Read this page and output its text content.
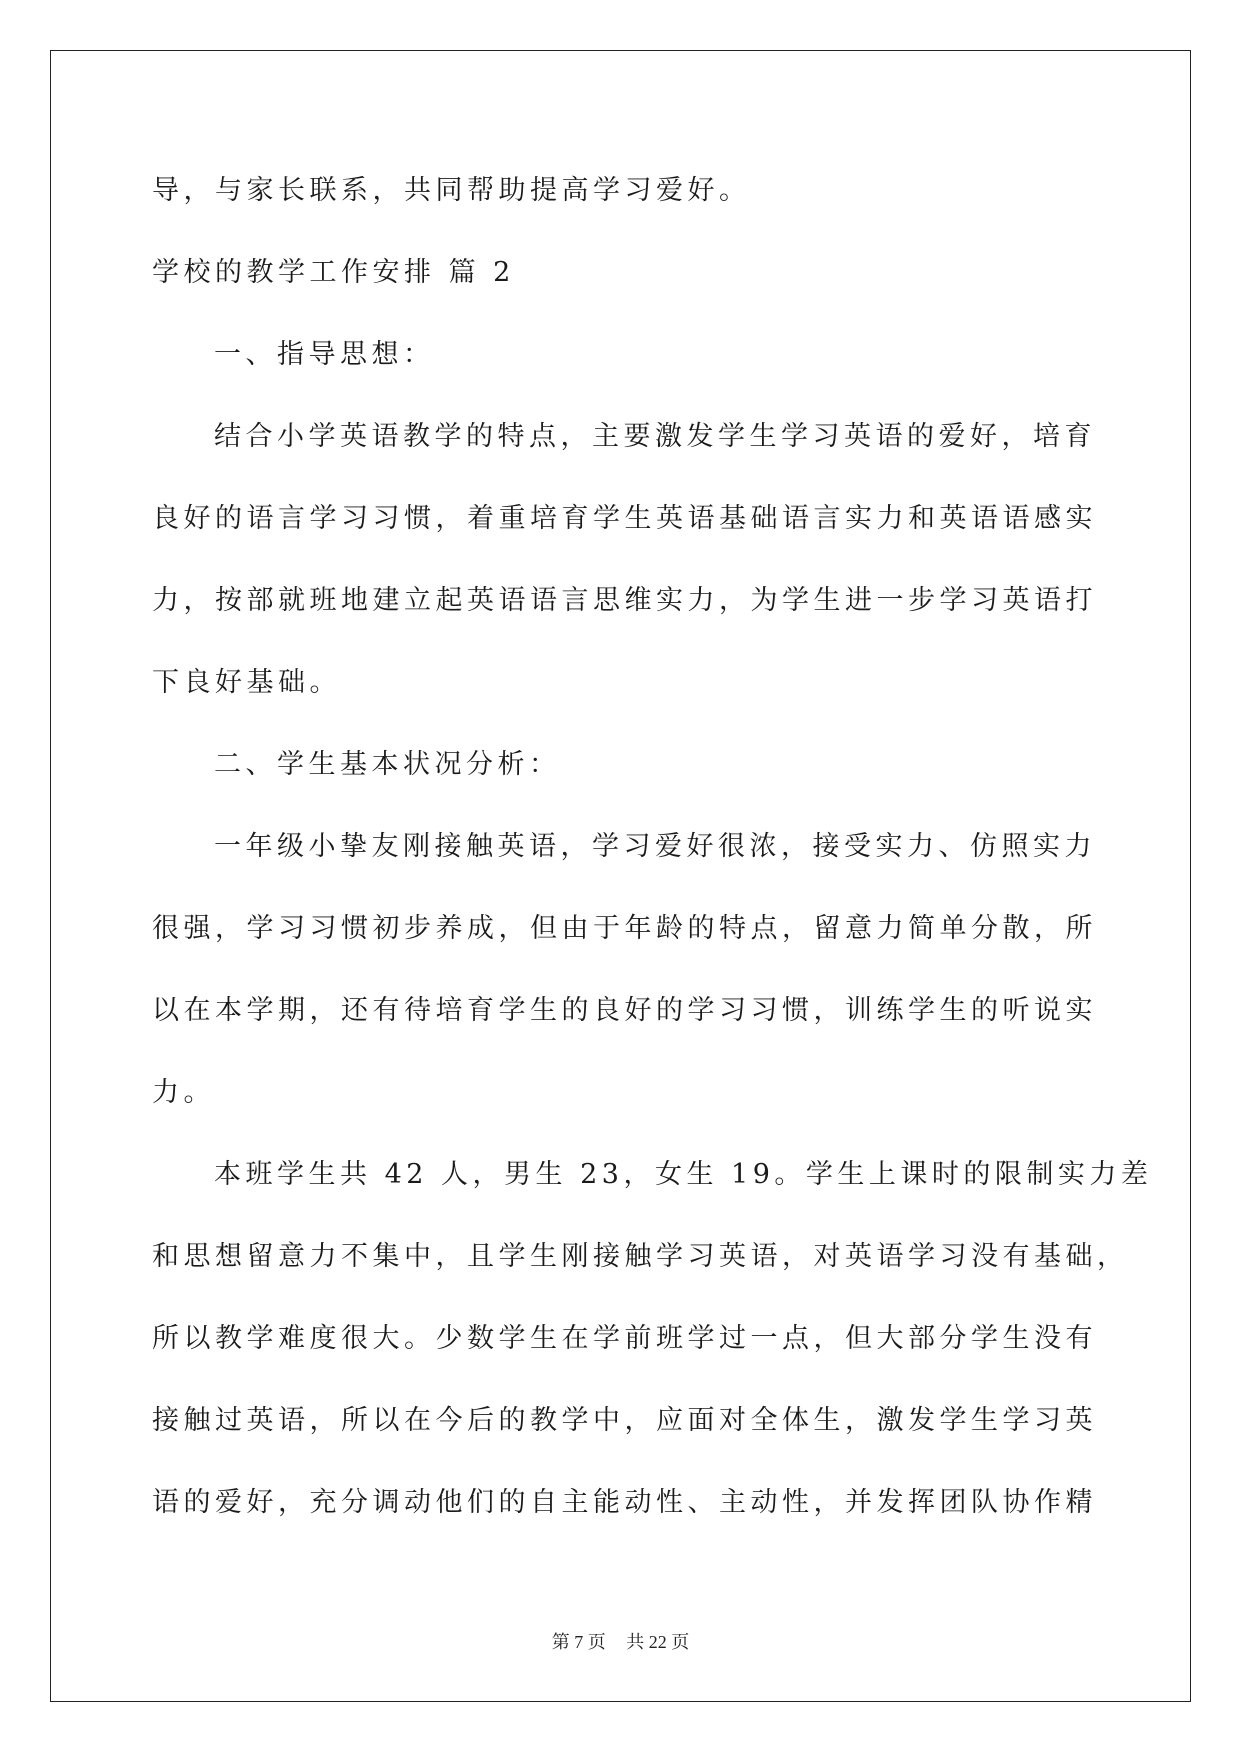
导，与家长联系，共同帮助提高学习爱好。
学校的教学工作安排 篇 2
一、指导思想：
结合小学英语教学的特点，主要激发学生学习英语的爱好，培育
良好的语言学习习惯，着重培育学生英语基础语言实力和英语语感实
力，按部就班地建立起英语语言思维实力，为学生进一步学习英语打
下良好基础。
二、学生基本状况分析：
一年级小挚友刚接触英语，学习爱好很浓，接受实力、仿照实力
很强，学习习惯初步养成，但由于年龄的特点，留意力简单分散，所
以在本学期，还有待培育学生的良好的学习习惯，训练学生的听说实
力。
本班学生共 42 人，男生 23，女生 19。学生上课时的限制实力差
和思想留意力不集中，且学生刚接触学习英语，对英语学习没有基础，
所以教学难度很大。少数学生在学前班学过一点，但大部分学生没有
接触过英语，所以在今后的教学中，应面对全体生，激发学生学习英
语的爱好，充分调动他们的自主能动性、主动性，并发挥团队协作精
第 7 页 共 22 页
